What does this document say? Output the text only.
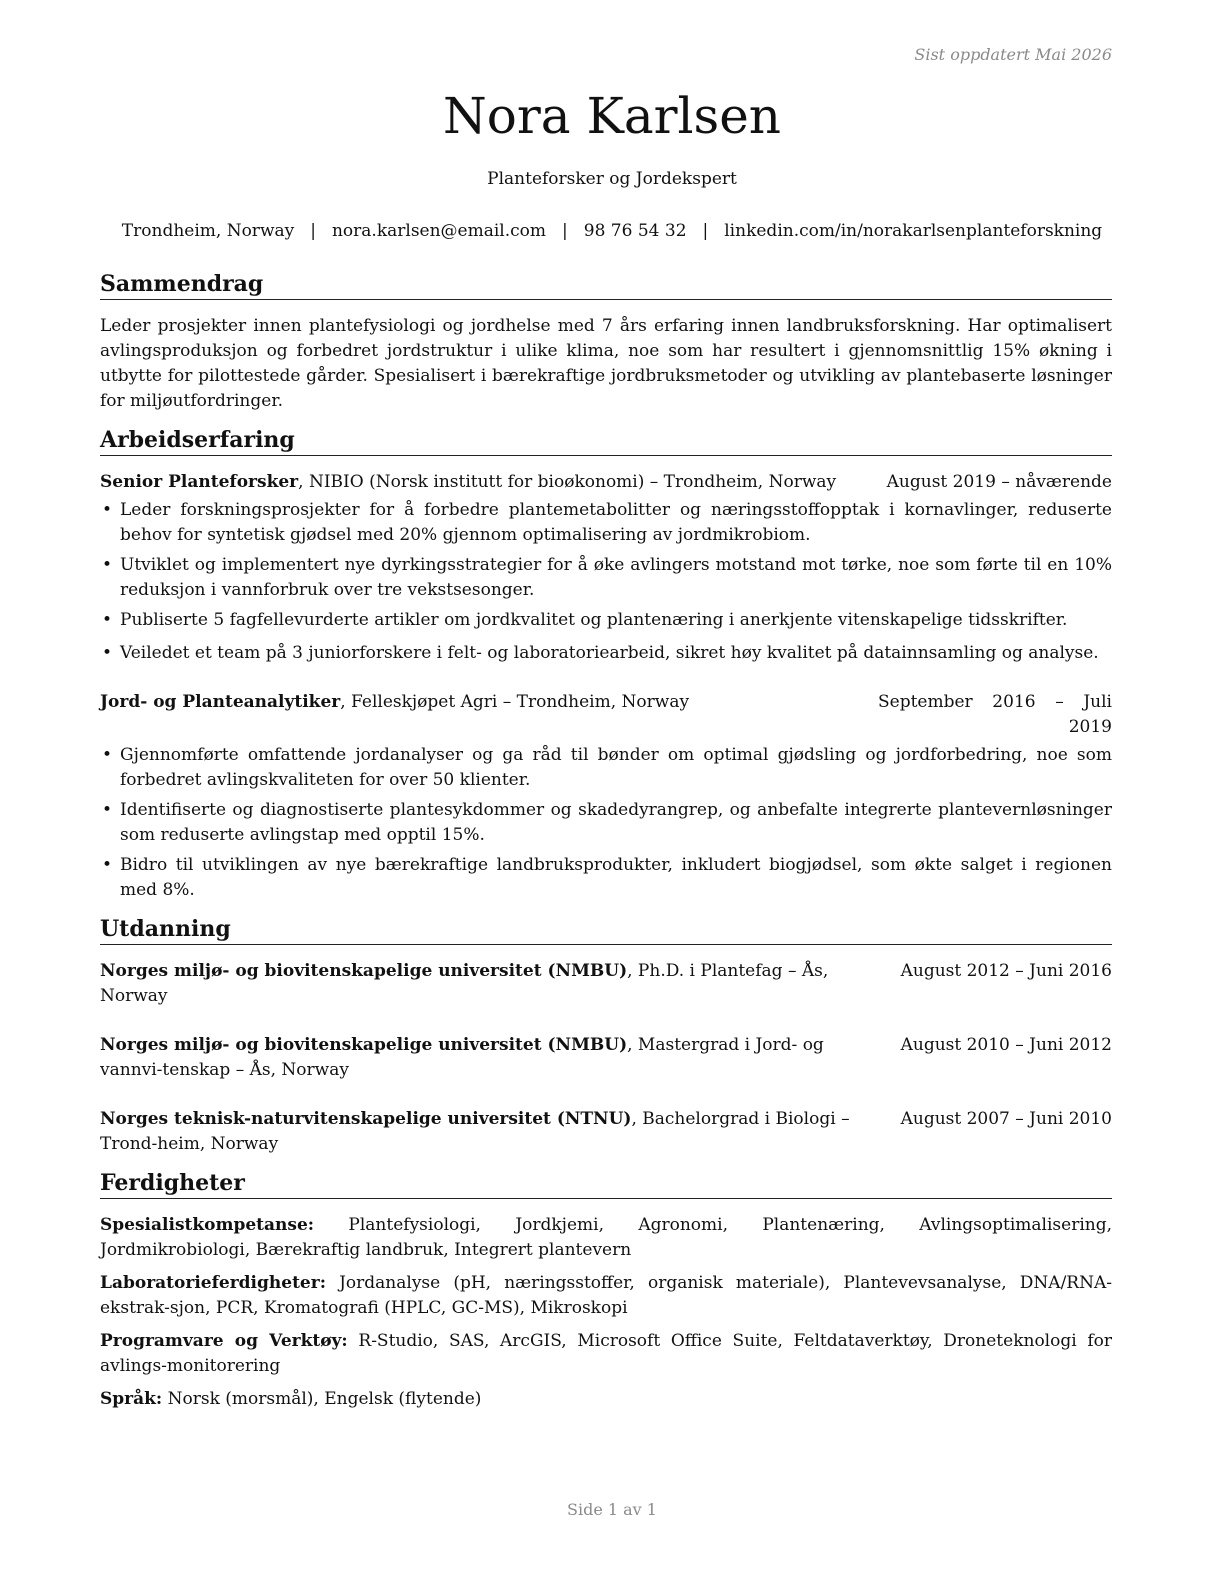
Sist oppdatert Mai 2026
Nora Karlsen
Planteforsker og Jordekspert
Trondheim, Norway | nora.karlsen@email.com | 98 76 54 32 | linkedin.com/in/norakarlsenplanteforskning
Sammendrag

Leder prosjekter innen plantefysiologi og jordhelse med 7 års erfaring innen landbruksforskning. Har optimalisert avlingsproduksjon og forbedret jordstruktur i ulike klima, noe som har resultert i gjennomsnittlig 15% økning i utbytte for pilottestede gårder. Spesialisert i bærekraftige jordbruksmetoder og utvikling av plantebaserte løsninger for miljøutfordringer.

Arbeidserfaring
Senior Planteforsker, NIBIO (Norsk institutt for bioøkonomi) – Trondheim, Norway	August 2019 – nåværende
• Leder forskningsprosjekter for å forbedre plantemetabolitter og næringsstoffopptak i kornavlinger, reduserte behov for syntetisk gjødsel med 20% gjennom optimalisering av jordmikrobiom.
• Utviklet og implementert nye dyrkingsstrategier for å øke avlingers motstand mot tørke, noe som førte til en 10% reduksjon i vannforbruk over tre vekstsesonger.
• Publiserte 5 fagfellevurderte artikler om jordkvalitet og plantenæring i anerkjente vitenskapelige tidsskrifter.
• Veiledet et team på 3 juniorforskere i felt- og laboratoriearbeid, sikret høy kvalitet på datainnsamling og analyse.
Jord- og Planteanalytiker, Felleskjøpet Agri – Trondheim, Norway	September 2016 – Juli 2019
• Gjennomførte omfattende jordanalyser og ga råd til bønder om optimal gjødsling og jordforbedring, noe som forbedret avlingskvaliteten for over 50 klienter.
• Identifiserte og diagnostiserte plantesykdommer og skadedyrangrep, og anbefalte integrerte plantevernløsninger som reduserte avlingstap med opptil 15%.
• Bidro til utviklingen av nye bærekraftige landbruksprodukter, inkludert biogjødsel, som økte salget i regionen med 8%.
Utdanning
Norges miljø- og biovitenskapelige universitet (NMBU), Ph.D. i Plantefag – Ås, Norway
August 2012 – Juni 2016
Norges miljø- og biovitenskapelige universitet (NMBU), Mastergrad i Jord- og vannvi-tenskap – Ås, Norway
August 2010 – Juni 2012
Norges teknisk-naturvitenskapelige universitet (NTNU), Bachelorgrad i Biologi – Trond-heim, Norway
August 2007 – Juni 2010
Ferdigheter
Spesialistkompetanse: Plantefysiologi, Jordkjemi, Agronomi, Plantenæring, Avlingsoptimalisering, Jordmikrobiologi, Bærekraftig landbruk, Integrert plantevern
Laboratorieferdigheter: Jordanalyse (pH, næringsstoffer, organisk materiale), Plantevevsanalyse, DNA/RNA-ekstrak-sjon, PCR, Kromatografi (HPLC, GC-MS), Mikroskopi
Programvare og Verktøy: R-Studio, SAS, ArcGIS, Microsoft Office Suite, Feltdataverktøy, Droneteknologi for avlings-monitorering
Språk: Norsk (morsmål), Engelsk (flytende)
Side 1 av 1
